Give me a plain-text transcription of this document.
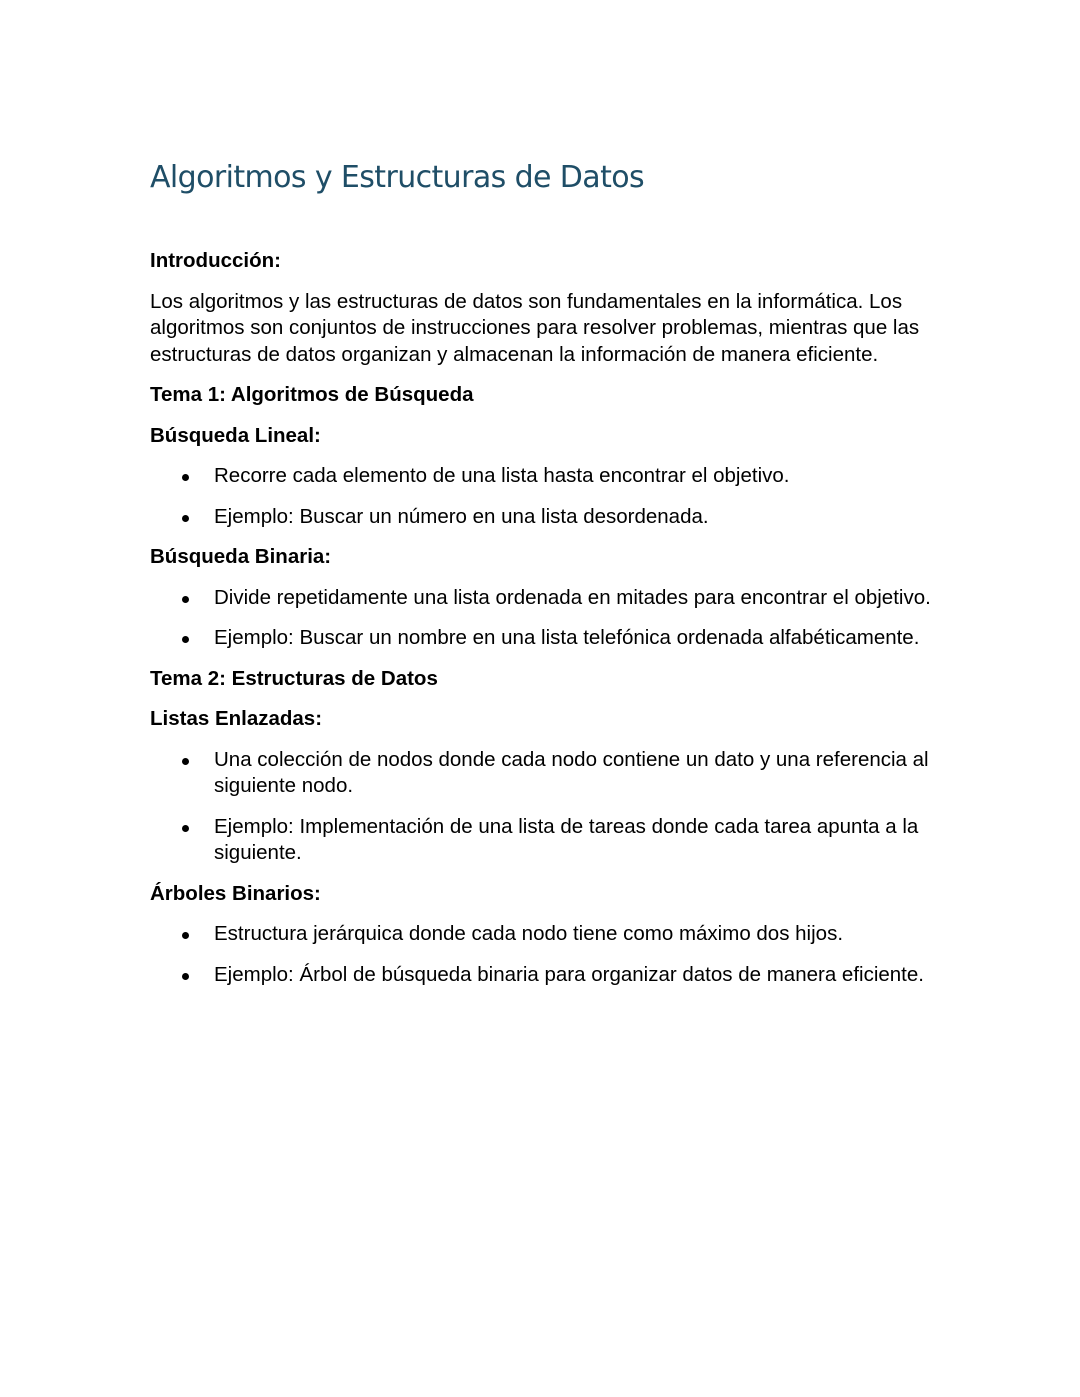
Algoritmos y Estructuras de Datos

Introducción:

Los algoritmos y las estructuras de datos son fundamentales en la informática. Los algoritmos son conjuntos de instrucciones para resolver problemas, mientras que las estructuras de datos organizan y almacenan la información de manera eficiente.

Tema 1: Algoritmos de Búsqueda

Búsqueda Lineal:

Recorre cada elemento de una lista hasta encontrar el objetivo.
Ejemplo: Buscar un número en una lista desordenada.

Búsqueda Binaria:

Divide repetidamente una lista ordenada en mitades para encontrar el objetivo.
Ejemplo: Buscar un nombre en una lista telefónica ordenada alfabéticamente.

Tema 2: Estructuras de Datos

Listas Enlazadas:

Una colección de nodos donde cada nodo contiene un dato y una referencia al siguiente nodo.
Ejemplo: Implementación de una lista de tareas donde cada tarea apunta a la siguiente.

Árboles Binarios:

Estructura jerárquica donde cada nodo tiene como máximo dos hijos.
Ejemplo: Árbol de búsqueda binaria para organizar datos de manera eficiente.
